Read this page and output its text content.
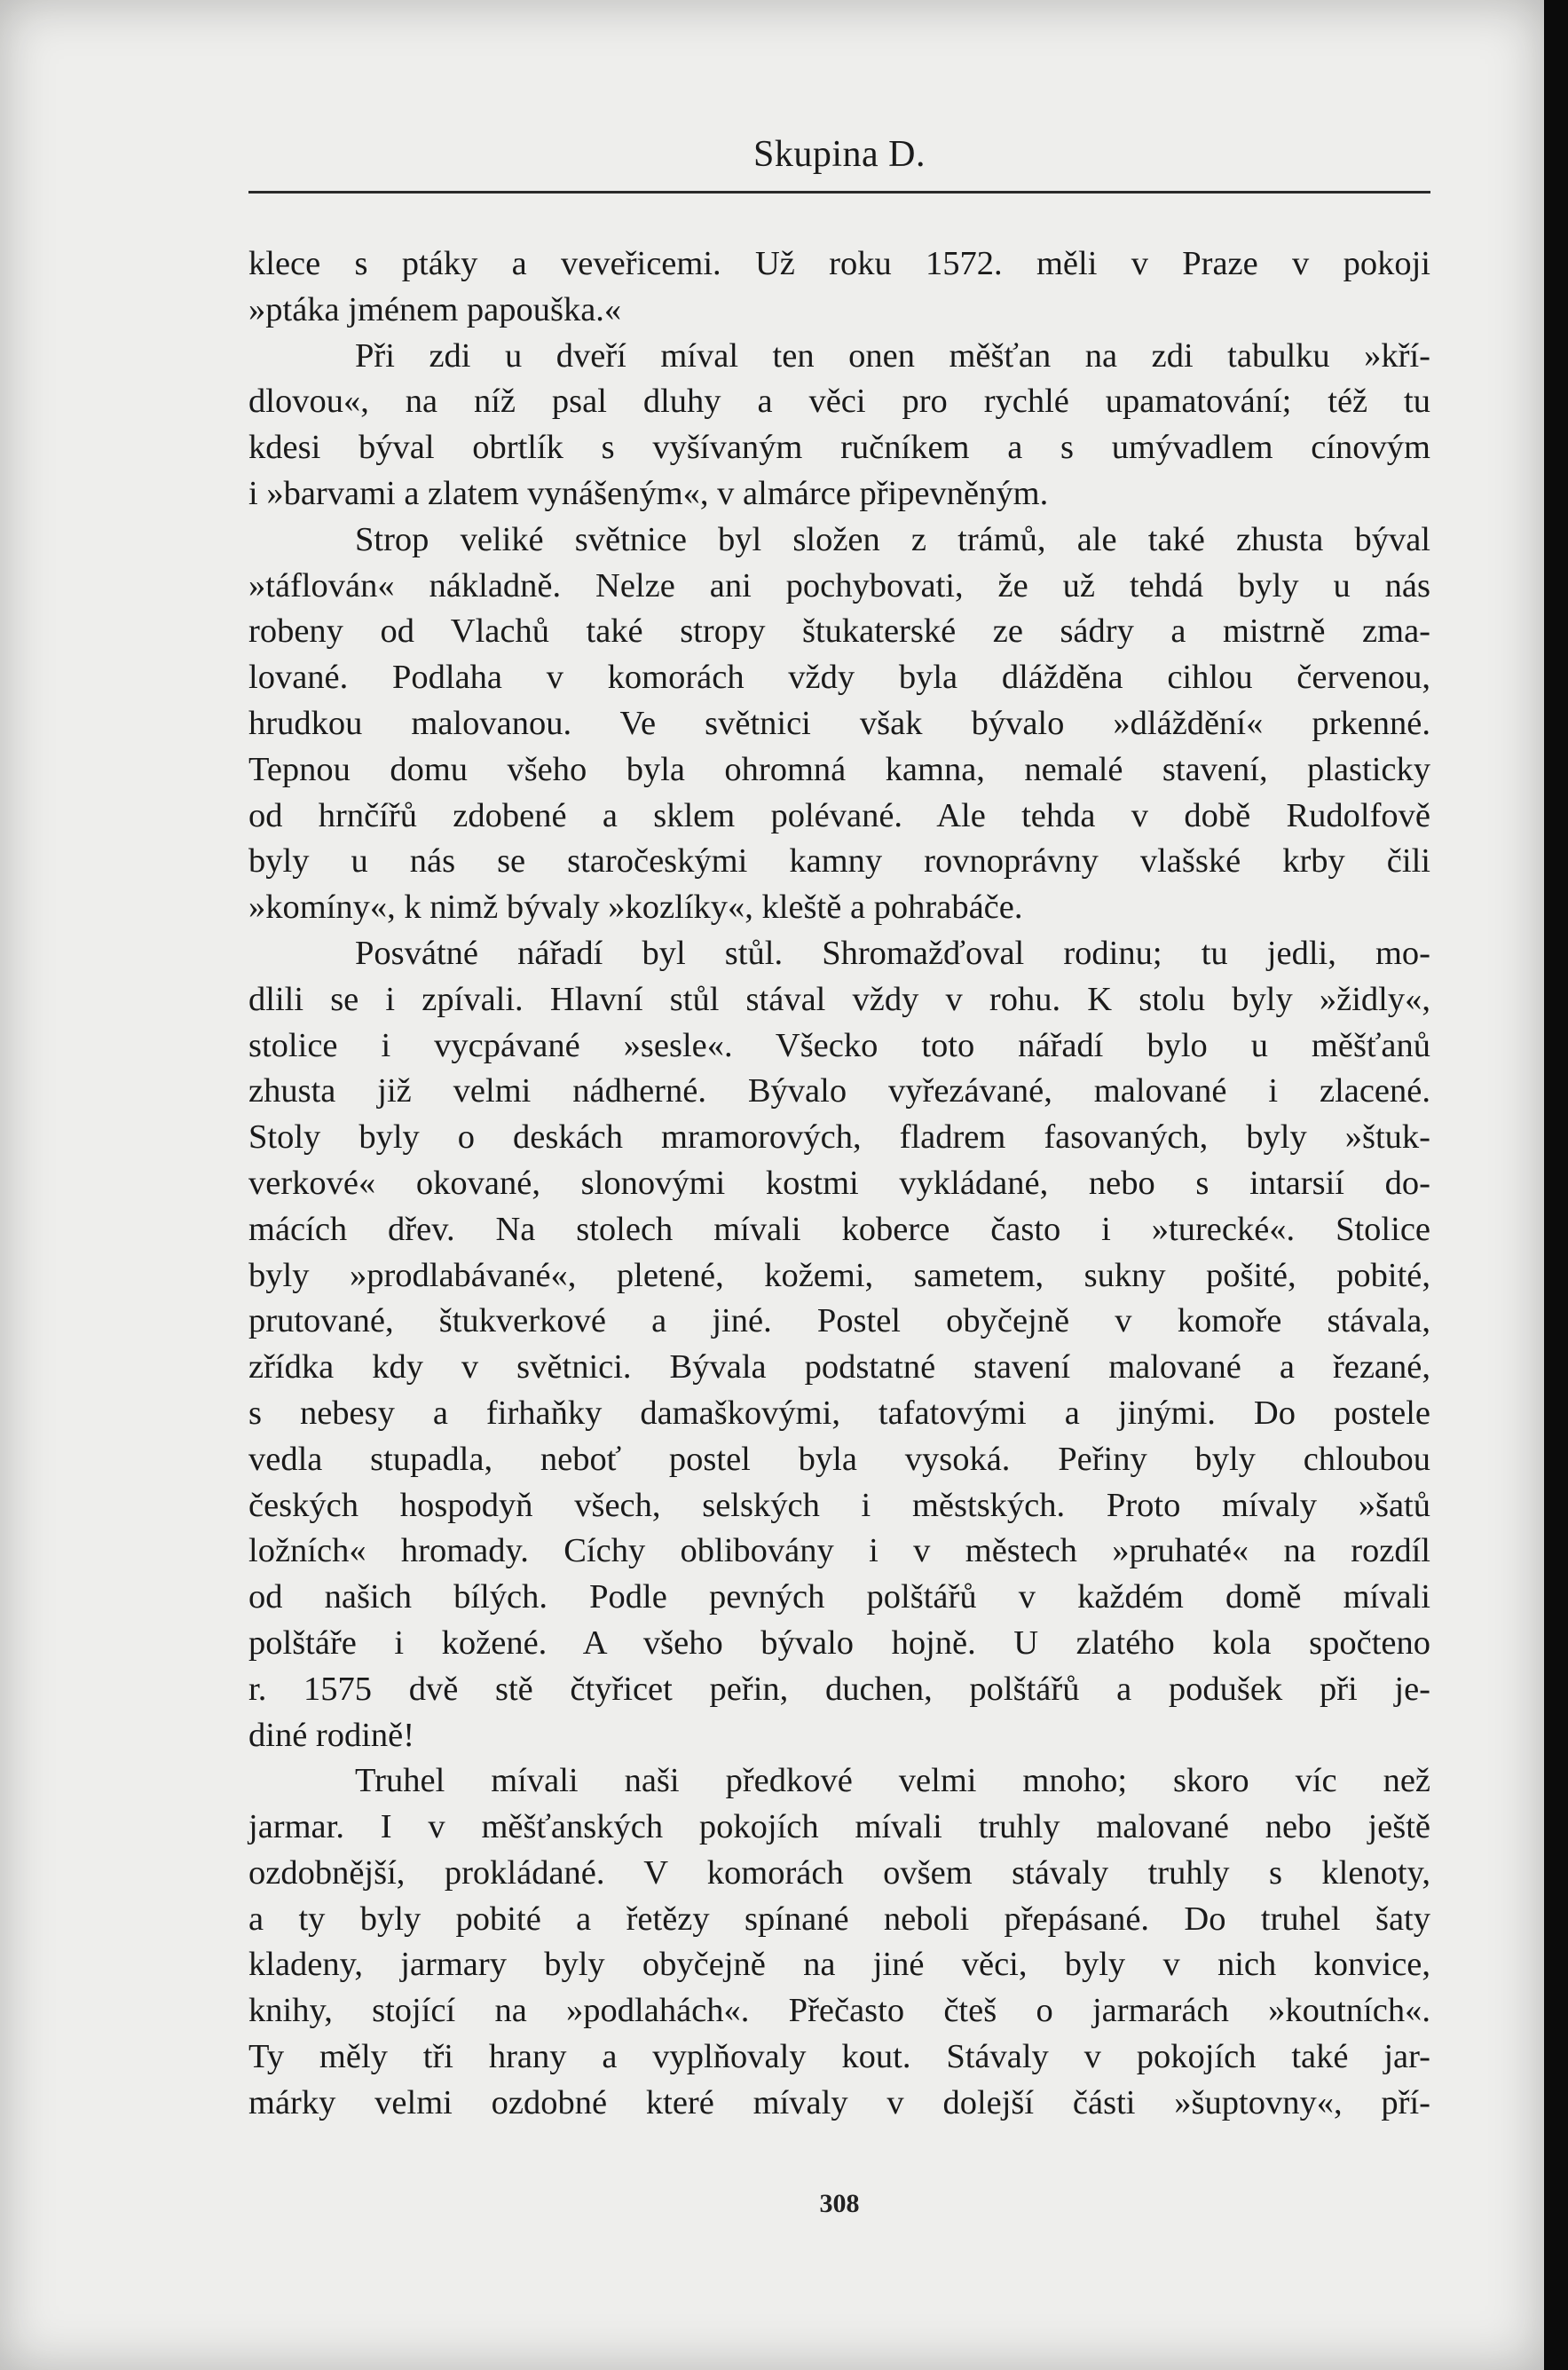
Skupina D.
klece s ptáky a veveřicemi. Už roku 1572. měli v Praze v pokoji
»ptáka jménem papouška.«
Při zdi u dveří míval ten onen měšťan na zdi tabulku »kří-
dlovou«, na níž psal dluhy a věci pro rychlé upamatování; též tu
kdesi býval obrtlík s vyšívaným ručníkem a s umývadlem cínovým
i »barvami a zlatem vynášeným«, v almárce připevněným.
Strop veliké světnice byl složen z trámů, ale také zhusta býval
»táflován« nákladně. Nelze ani pochybovati, že už tehdá byly u nás
robeny od Vlachů také stropy štukaterské ze sádry a mistrně zma-
lované. Podlaha v komorách vždy byla dlážděna cihlou červenou,
hrudkou malovanou. Ve světnici však bývalo »dláždění« prkenné.
Tepnou domu všeho byla ohromná kamna, nemalé stavení, plasticky
od hrnčířů zdobené a sklem polévané. Ale tehda v době Rudolfově
byly u nás se staročeskými kamny rovnoprávny vlašské krby čili
»komíny«, k nimž bývaly »kozlíky«, kleště a pohrabáče.
Posvátné nářadí byl stůl. Shromažďoval rodinu; tu jedli, mo-
dlili se i zpívali. Hlavní stůl stával vždy v rohu. K stolu byly »židly«,
stolice i vycpávané »sesle«. Všecko toto nářadí bylo u měšťanů
zhusta již velmi nádherné. Bývalo vyřezávané, malované i zlacené.
Stoly byly o deskách mramorových, fladrem fasovaných, byly »štuk-
verkové« okované, slonovými kostmi vykládané, nebo s intarsií do-
mácích dřev. Na stolech mívali koberce často i »turecké«. Stolice
byly »prodlabávané«, pletené, kožemi, sametem, sukny pošité, pobité,
prutované, štukverkové a jiné. Postel obyčejně v komoře stávala,
zřídka kdy v světnici. Bývala podstatné stavení malované a řezané,
s nebesy a firhaňky damaškovými, tafatovými a jinými. Do postele
vedla stupadla, neboť postel byla vysoká. Peřiny byly chloubou
českých hospodyň všech, selských i městských. Proto mívaly »šatů
ložních« hromady. Cíchy oblibovány i v městech »pruhaté« na rozdíl
od našich bílých. Podle pevných polštářů v každém domě mívali
polštáře i kožené. A všeho bývalo hojně. U zlatého kola spočteno
r. 1575 dvě stě čtyřicet peřin, duchen, polštářů a podušek při je-
diné rodině!
Truhel mívali naši předkové velmi mnoho; skoro víc než
jarmar. I v měšťanských pokojích mívali truhly malované nebo ještě
ozdobnější, prokládané. V komorách ovšem stávaly truhly s klenoty,
a ty byly pobité a řetězy spínané neboli přepásané. Do truhel šaty
kladeny, jarmary byly obyčejně na jiné věci, byly v nich konvice,
knihy, stojící na »podlahách«. Přečasto čteš o jarmarách »koutních«.
Ty měly tři hrany a vyplňovaly kout. Stávaly v pokojích také jar-
márky velmi ozdobné které mívaly v dolejší části »šuptovny«, pří-
308
